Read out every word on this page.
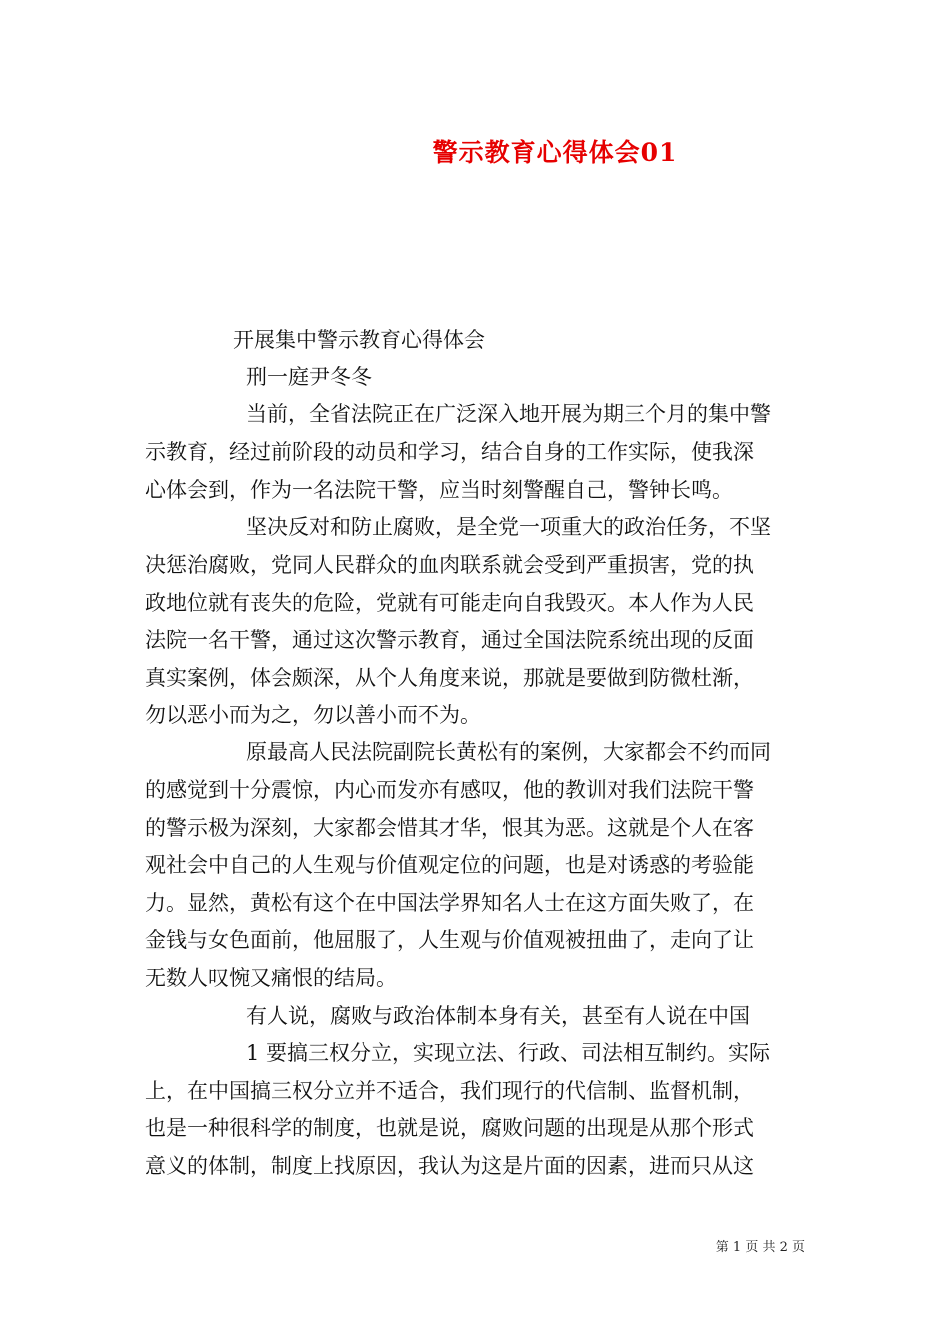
警示教育心得体会01
开展集中警示教育心得体会
刑一庭尹冬冬
当前，全省法院正在广泛深入地开展为期三个月的集中警
示教育，经过前阶段的动员和学习，结合自身的工作实际，使我深
心体会到，作为一名法院干警，应当时刻警醒自己，警钟长鸣。
坚决反对和防止腐败，是全党一项重大的政治任务，不坚
决惩治腐败，党同人民群众的血肉联系就会受到严重损害，党的执
政地位就有丧失的危险，党就有可能走向自我毁灭。本人作为人民
法院一名干警，通过这次警示教育，通过全国法院系统出现的反面
真实案例，体会颇深，从个人角度来说，那就是要做到防微杜渐，
勿以恶小而为之，勿以善小而不为。
原最高人民法院副院长黄松有的案例，大家都会不约而同
的感觉到十分震惊，内心而发亦有感叹，他的教训对我们法院干警
的警示极为深刻，大家都会惜其才华，恨其为恶。这就是个人在客
观社会中自己的人生观与价值观定位的问题，也是对诱惑的考验能
力。显然，黄松有这个在中国法学界知名人士在这方面失败了，在
金钱与女色面前，他屈服了，人生观与价值观被扭曲了，走向了让
无数人叹惋又痛恨的结局。
有人说，腐败与政治体制本身有关，甚至有人说在中国
1 要搞三权分立，实现立法、行政、司法相互制约。实际
上，在中国搞三权分立并不适合，我们现行的代信制、监督机制，
也是一种很科学的制度，也就是说，腐败问题的出现是从那个形式
意义的体制，制度上找原因，我认为这是片面的因素，进而只从这
第 1 页 共 2 页
